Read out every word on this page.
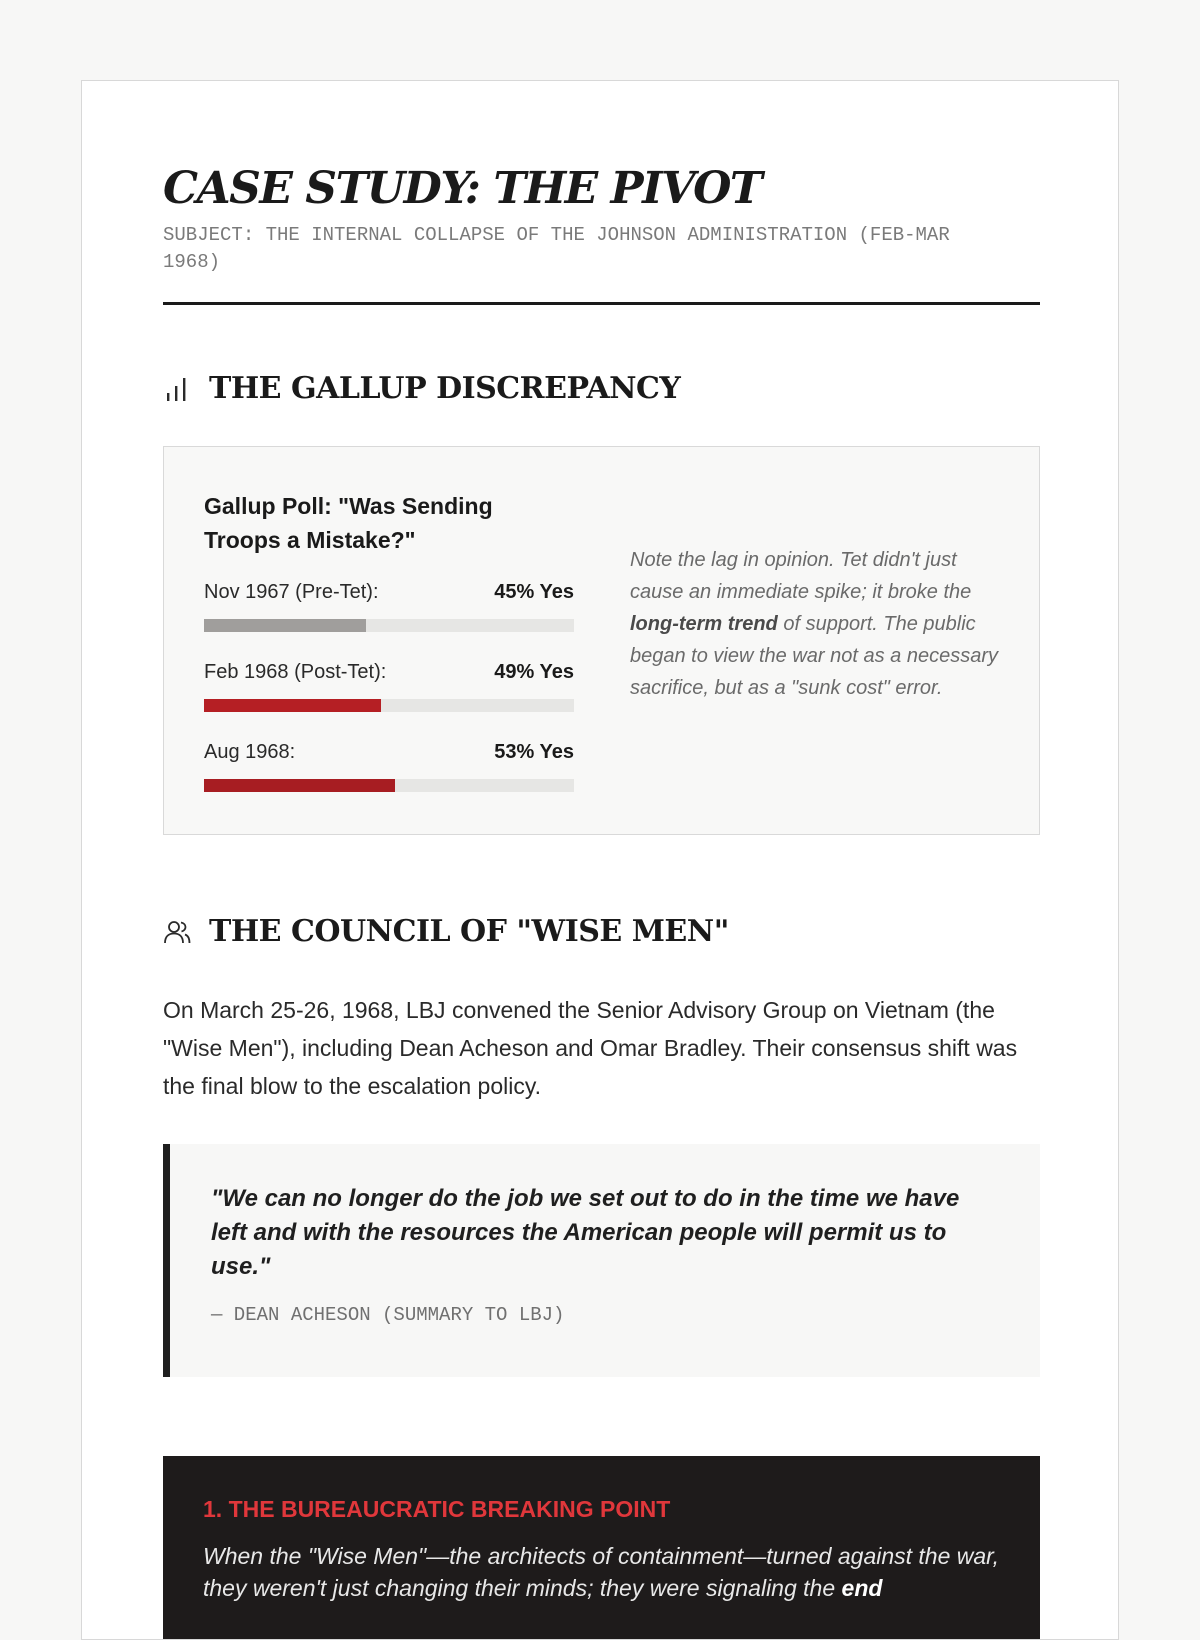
CASE STUDY: THE PIVOT
SUBJECT: THE INTERNAL COLLAPSE OF THE JOHNSON ADMINISTRATION (FEB-MAR 1968)
THE GALLUP DISCREPANCY
Gallup Poll: "Was Sending Troops a Mistake?"
Nov 1967 (Pre-Tet):	45% Yes
Feb 1968 (Post-Tet):	49% Yes
Aug 1968:	53% Yes
Note the lag in opinion. Tet didn't just cause an immediate spike; it broke the long-term trend of support. The public began to view the war not as a necessary sacrifice, but as a "sunk cost" error.
THE COUNCIL OF "WISE MEN"

On March 25-26, 1968, LBJ convened the Senior Advisory Group on Vietnam (the "Wise Men"), including Dean Acheson and Omar Bradley. Their consensus shift was the final blow to the escalation policy.

"We can no longer do the job we set out to do in the time we have left and with the resources the American people will permit us to use."
— DEAN ACHESON (SUMMARY TO LBJ)
1. THE BUREAUCRATIC BREAKING POINT
When the "Wise Men"—the architects of containment—turned against the war, they weren't just changing their minds; they were signaling the end
